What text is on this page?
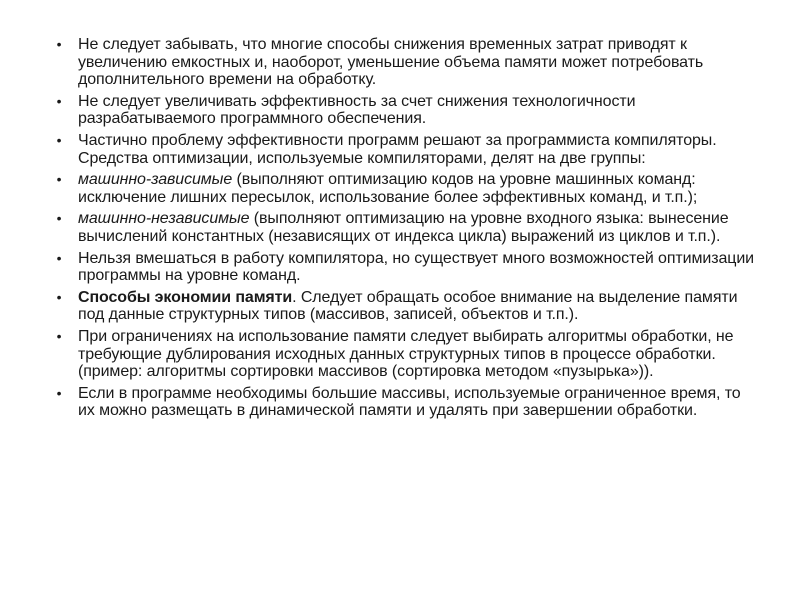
• Не следует забывать, что многие способы снижения временных затрат приводят к увеличению емкостных и, наоборот, уменьшение объема памяти может потребовать дополнительного времени на обработку.
• Не следует увеличивать эффективность за счет снижения технологичности разрабатываемого программного обеспечения.
• Частично проблему эффективности программ решают за программиста компиляторы. Средства оптимизации, используемые компиляторами, делят на две группы:
• машинно-зависимые (выполняют оптимизацию кодов на уровне машинных команд: исключение лишних пересылок, использование более эффективных команд, и т.п.);
• машинно-независимые (выполняют оптимизацию на уровне входного языка: вынесение вычислений константных (независящих от индекса цикла) выражений из циклов и т.п.).
• Нельзя вмешаться в работу компилятора, но существует много возможностей оптимизации программы на уровне команд.
• Способы экономии памяти. Следует обращать особое внимание на выделение памяти под данные структурных типов (массивов, записей, объектов и т.п.).
• При ограничениях на использование памяти следует выбирать алгоритмы обработки, не требующие дублирования исходных данных структурных типов в процессе обработки. (пример: алгоритмы сортировки массивов (сортировка методом «пузырька»)).
• Если в программе необходимы большие массивы, используемые ограниченное время, то их можно размещать в динамической памяти и удалять при завершении обработки.
